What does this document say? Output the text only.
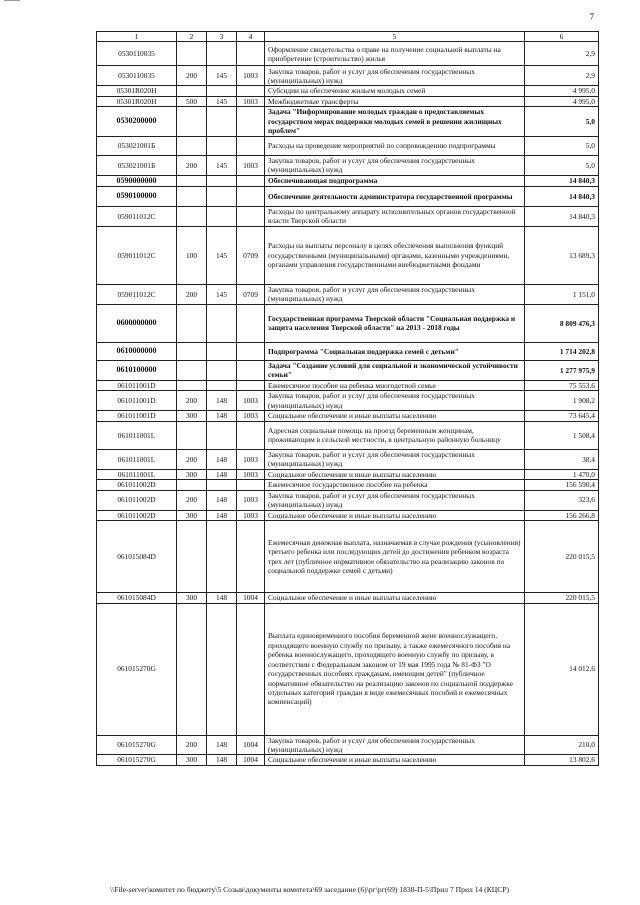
7
1	2	3	4	5	6
0530110035				Оформление свидетельства о праве на получение социальной выплаты на приобретение (строительство) жилья	2,9
0530110035	200	145	1003	Закупка товаров, работ и услуг для обеспечения государственных (муниципальных) нужд	2,9
05301R020H				Субсидии на обеспечение жильем молодых семей	4 995,0
05301R020H	500	145	1003	Межбюджетные трансферты	4 995,0
0530200000				Задача "Информирование молодых граждан о предоставляемых государством мерах поддержки молодых семей в решении жилищных проблем"	5,0
053021001Б				Расходы на проведение мероприятий по сопровождению подпрограммы	5,0
053021001Б	200	145	1003	Закупка товаров, работ и услуг для обеспечения государственных (муниципальных) нужд	5,0
0590000000				Обеспечивающая подпрограмма	14 840,3
0590100000				Обеспечение деятельности администратора государственной программы	14 840,3
059011012С				Расходы по центральному аппарату исполнительных органов государственной власти Тверской области	14 840,3
059011012С	100	145	0709	Расходы на выплаты персоналу в целях обеспечения выполнения функций государственными (муниципальными) органами, казенными учреждениями, органами управления государственными внебюджетными фондами	13 689,3
059011012С	200	145	0709	Закупка товаров, работ и услуг для обеспечения государственных (муниципальных) нужд	1 151,0
0600000000				Государственная программа Тверской области "Социальная поддержка и защита населения Тверской области" на 2013 - 2018 годы	8 809 476,3
0610000000				Подпрограмма "Социальная поддержка семей с детьми"	1 714 202,8
0610100000				Задача "Создание условий для социальной и экономической устойчивости семьи"	1 277 975,9
061011001D				Ежемесячное пособие на ребенка многодетной семье	75 553,6
061011001D	200	148	1003	Закупка товаров, работ и услуг для обеспечения государственных (муниципальных) нужд	1 908,2
061011001D	300	148	1003	Социальное обеспечение и иные выплаты населению	73 645,4
061011001L				Адресная социальная помощь на проезд беременным женщинам, проживающим в сельской местности, в центральную районную больницу	1 508,4
061011001L	200	148	1003	Закупка товаров, работ и услуг для обеспечения государственных (муниципальных) нужд	38,4
061011001L	300	148	1003	Социальное обеспечение и иные выплаты населению	1 470,0
061011002D				Ежемесячное государственное пособие на ребенка	156 590,4
061011002D	200	148	1003	Закупка товаров, работ и услуг для обеспечения государственных (муниципальных) нужд	323,6
061011002D	300	148	1003	Социальное обеспечение и иные выплаты населению	156 266,8
061015084D				Ежемесячная денежная выплата, назначаемая в случае рождения (усыновления) третьего ребенка или последующих детей до достижения ребенком возраста трех лет (публичное нормативное обязательство на реализацию законов по социальной поддержке семей с детьми)	220 015,5
061015084D	300	148	1004	Социальное обеспечение и иные выплаты населению	220 015,5
061015270G				Выплата единовременного пособия беременной жене военнослужащего, проходящего военную службу по призыву, а также ежемесячного пособия на ребенка военнослужащего, проходящего военную службу по призыву, в соответствии с Федеральным законом от 19 мая 1995 года № 81-ФЗ "О государственных пособиях гражданам, имеющим детей" (публичное нормативное обязательство на реализацию законов по социальной поддержке отдельных категорий граждан в виде ежемесячных пособий и ежемесячных компенсаций)	14 012,6
061015270G	200	148	1004	Закупка товаров, работ и услуг для обеспечения государственных (муниципальных) нужд	210,0
061015270G	300	148	1004	Социальное обеспечение и иные выплаты населению	13 802,6
\\File-server\комитет по бюджету\5 Созыв\документы комитета\69 заседание (6)\рг\рг(69) 1838-П-5\Прил 7 Прил 14 (КЦСР)
